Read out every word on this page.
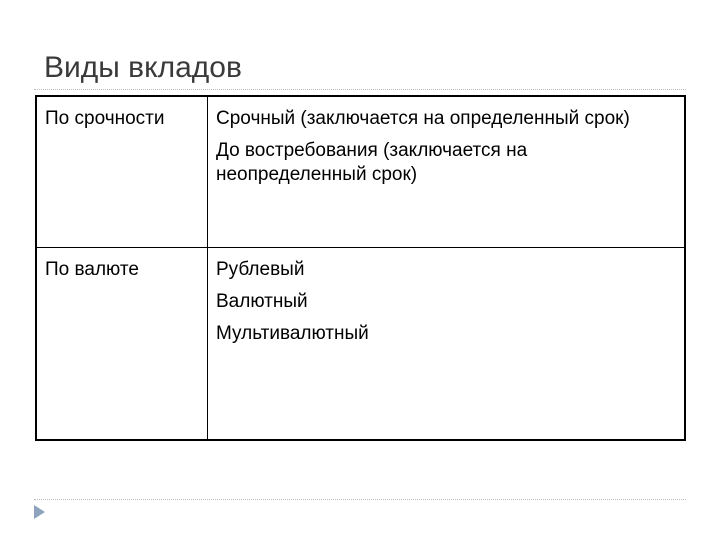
Виды вкладов
По срочности	Срочный (заключается на определенный срок)
До востребования (заключается на неопределенный срок)
По валюте	Рублевый
Валютный
Мультивалютный
